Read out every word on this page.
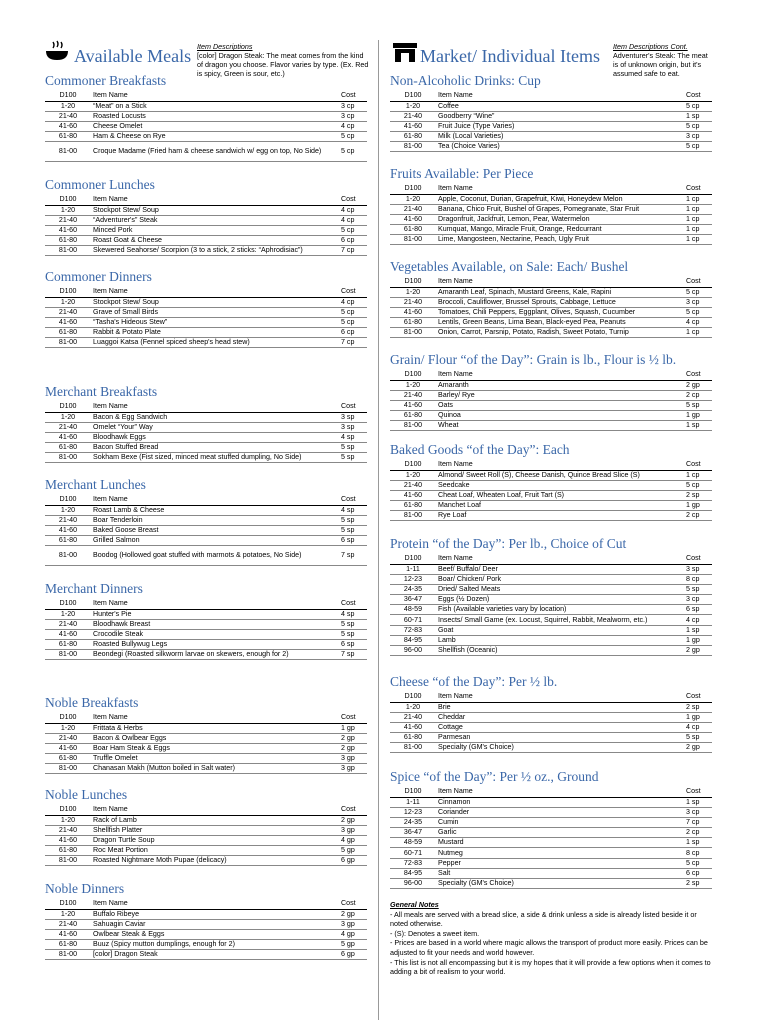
Available Meals Item Descriptions
[color] Dragon Steak: The meat comes from the kind of dragon you choose. Flavor varies by type. (Ex. Red is spicy, Green is sour, etc.)
Market/ Individual Items Item Descriptions Cont.
Adventurer's Steak: The meat is of unknown origin, but it's assumed safe to eat.
Commoner Breakfasts
D100	Item Name	Cost
1-20	“Meat” on a Stick	3 cp
21-40	Roasted Locusts	3 cp
41-60	Cheese Omelet	4 cp
61-80	Ham & Cheese on Rye	5 cp
81-00	Croque Madame (Fried ham & cheese sandwich w/ egg on top, No Side)	5 cp
Commoner Lunches
D100	Item Name	Cost
1-20	Stockpot Stew/ Soup	4 cp
21-40	“Adventurer's” Steak	4 cp
41-60	Minced Pork	5 cp
61-80	Roast Goat & Cheese	6 cp
81-00	Skewered Seahorse/ Scorpion (3 to a stick, 2 sticks: “Aphrodisiac”)	7 cp
Commoner Dinners
D100	Item Name	Cost
1-20	Stockpot Stew/ Soup	4 cp
21-40	Grave of Small Birds	5 cp
41-60	“Tasha's Hideous Stew”	5 cp
61-80	Rabbit & Potato Plate	6 cp
81-00	Luaggoi Katsa (Fennel spiced sheep's head stew)	7 cp
Merchant Breakfasts
D100	Item Name	Cost
1-20	Bacon & Egg Sandwich	3 sp
21-40	Omelet “Your” Way	3 sp
41-60	Bloodhawk Eggs	4 sp
61-80	Bacon Stuffed Bread	5 sp
81-00	Sokham Bexe (Fist sized, minced meat stuffed dumpling, No Side)	5 sp
Merchant Lunches
D100	Item Name	Cost
1-20	Roast Lamb & Cheese	4 sp
21-40	Boar Tenderloin	5 sp
41-60	Baked Goose Breast	5 sp
61-80	Grilled Salmon	6 sp
81-00	Boodog (Hollowed goat stuffed with marmots & potatoes, No Side)	7 sp
Merchant Dinners
D100	Item Name	Cost
1-20	Hunter's Pie	4 sp
21-40	Bloodhawk Breast	5 sp
41-60	Crocodile Steak	5 sp
61-80	Roasted Bullywug Legs	6 sp
81-00	Beondegi (Roasted silkworm larvae on skewers, enough for 2)	7 sp
Noble Breakfasts
D100	Item Name	Cost
1-20	Frittata & Herbs	1 gp
21-40	Bacon & Owlbear Eggs	2 gp
41-60	Boar Ham Steak & Eggs	2 gp
61-80	Truffle Omelet	3 gp
81-00	Chanasan Makh (Mutton boiled in Salt water)	3 gp
Noble Lunches
D100	Item Name	Cost
1-20	Rack of Lamb	2 gp
21-40	Shellfish Platter	3 gp
41-60	Dragon Turtle Soup	4 gp
61-80	Roc Meat Portion	5 gp
81-00	Roasted Nightmare Moth Pupae (delicacy)	6 gp
Noble Dinners
D100	Item Name	Cost
1-20	Buffalo Ribeye	2 gp
21-40	Sahuagin Caviar	3 gp
41-60	Owlbear Steak & Eggs	4 gp
61-80	Buuz (Spicy mutton dumplings, enough for 2)	5 gp
81-00	[color] Dragon Steak	6 gp
Non-Alcoholic Drinks: Cup
D100	Item Name	Cost
1-20	Coffee	5 cp
21-40	Goodberry “Wine”	1 sp
41-60	Fruit Juice (Type Varies)	5 cp
61-80	Milk (Local Varieties)	3 cp
81-00	Tea (Choice Varies)	5 cp
Fruits Available: Per Piece
D100	Item Name	Cost
1-20	Apple, Coconut, Durian, Grapefruit, Kiwi, Honeydew Melon	1 cp
21-40	Banana, Chico Fruit, Bushel of Grapes, Pomegranate, Star Fruit	1 cp
41-60	Dragonfruit, Jackfruit, Lemon, Pear, Watermelon	1 cp
61-80	Kumquat, Mango, Miracle Fruit, Orange, Redcurrant	1 cp
81-00	Lime, Mangosteen, Nectarine, Peach, Ugly Fruit	1 cp
Vegetables Available, on Sale: Each/ Bushel
D100	Item Name	Cost
1-20	Amaranth Leaf, Spinach, Mustard Greens, Kale, Rapini	5 cp
21-40	Broccoli, Cauliflower, Brussel Sprouts, Cabbage, Lettuce	3 cp
41-60	Tomatoes, Chili Peppers, Eggplant, Olives, Squash, Cucumber	5 cp
61-80	Lentils, Green Beans, Lima Bean, Black-eyed Pea, Peanuts	4 cp
81-00	Onion, Carrot, Parsnip, Potato, Radish, Sweet Potato, Turnip	1 cp
Grain/ Flour “of the Day”: Grain is lb., Flour is ½ lb.
D100	Item Name	Cost
1-20	Amaranth	2 gp
21-40	Barley/ Rye	2 cp
41-60	Oats	5 sp
61-80	Quinoa	1 gp
81-00	Wheat	1 sp
Baked Goods “of the Day”: Each
D100	Item Name	Cost
1-20	Almond/ Sweet Roll (S), Cheese Danish, Quince Bread Slice (S)	1 cp
21-40	Seedcake	5 cp
41-60	Cheat Loaf, Wheaten Loaf, Fruit Tart (S)	2 sp
61-80	Manchet Loaf	1 gp
81-00	Rye Loaf	2 cp
Protein “of the Day”: Per lb., Choice of Cut
D100	Item Name	Cost
1-11	Beef/ Buffalo/ Deer	3 sp
12-23	Boar/ Chicken/ Pork	8 cp
24-35	Dried/ Salted Meats	5 sp
36-47	Eggs (½ Dozen)	3 cp
48-59	Fish (Available varieties vary by location)	6 sp
60-71	Insects/ Small Game (ex. Locust, Squirrel, Rabbit, Mealworm, etc.)	4 cp
72-83	Goat	1 sp
84-95	Lamb	1 gp
96-00	Shellfish (Oceanic)	2 gp
Cheese “of the Day”: Per ½ lb.
D100	Item Name	Cost
1-20	Brie	2 sp
21-40	Cheddar	1 gp
41-60	Cottage	4 cp
61-80	Parmesan	5 sp
81-00	Specialty (GM's Choice)	2 gp
Spice “of the Day”: Per ½ oz., Ground
D100	Item Name	Cost
1-11	Cinnamon	1 sp
12-23	Coriander	3 cp
24-35	Cumin	7 cp
36-47	Garlic	2 cp
48-59	Mustard	1 sp
60-71	Nutmeg	8 cp
72-83	Pepper	5 cp
84-95	Salt	6 cp
96-00	Specialty (GM's Choice)	2 sp
General Notes
- All meals are served with a bread slice, a side & drink unless a side is already listed beside it or noted otherwise.
- (S): Denotes a sweet item.
- Prices are based in a world where magic allows the transport of product more easily. Prices can be adjusted to fit your needs and world however.
- This list is not all encompassing but it is my hopes that it will provide a few options when it comes to adding a bit of realism to your world.
